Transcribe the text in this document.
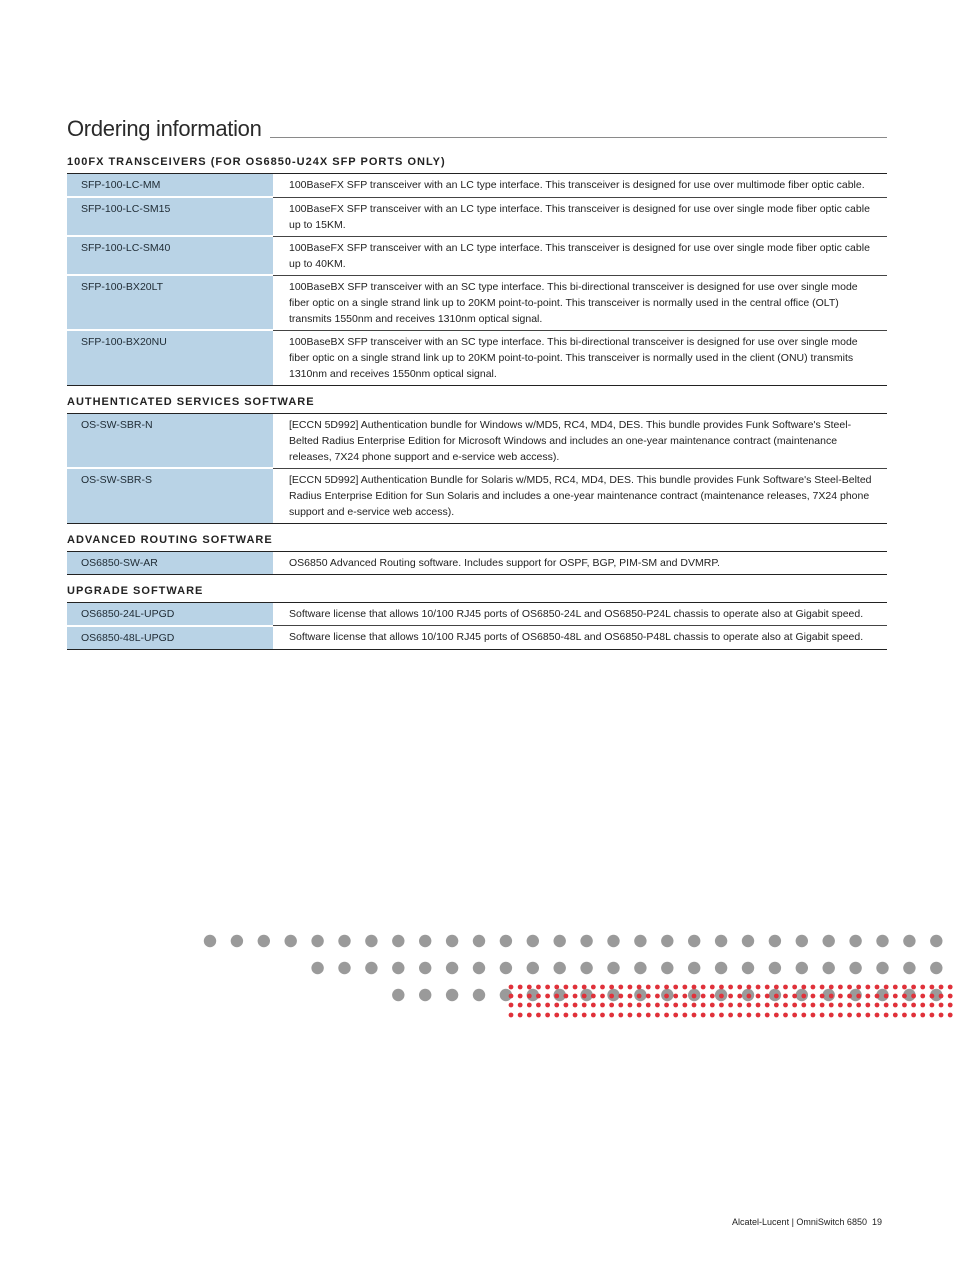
Ordering information
100FX TRANSCEIVERS (FOR OS6850-U24X SFP PORTS ONLY)
SFP-100-LC-MM	100BaseFX SFP transceiver with an LC type interface. This transceiver is designed for use over multimode fiber optic cable.
SFP-100-LC-SM15	100BaseFX SFP transceiver with an LC type interface. This transceiver is designed for use over single mode fiber optic cable up to 15KM.
SFP-100-LC-SM40	100BaseFX SFP transceiver with an LC type interface. This transceiver is designed for use over single mode fiber optic cable up to 40KM.
SFP-100-BX20LT	100BaseBX SFP transceiver with an SC type interface. This bi-directional transceiver is designed for use over single mode fiber optic on a single strand link up to 20KM point-to-point. This transceiver is normally used in the central office (OLT) transmits 1550nm and receives 1310nm optical signal.
SFP-100-BX20NU	100BaseBX SFP transceiver with an SC type interface. This bi-directional transceiver is designed for use over single mode fiber optic on a single strand link up to 20KM point-to-point. This transceiver is normally used in the client (ONU) transmits 1310nm and receives 1550nm optical signal.
AUTHENTICATED SERVICES SOFTWARE
OS-SW-SBR-N	[ECCN 5D992] Authentication bundle for Windows w/MD5, RC4, MD4, DES. This bundle provides Funk Software's Steel-Belted Radius Enterprise Edition for Microsoft Windows and includes an one-year maintenance contract (maintenance releases, 7X24 phone support and e-service web access).
OS-SW-SBR-S	[ECCN 5D992] Authentication Bundle for Solaris w/MD5, RC4, MD4, DES. This bundle provides Funk Software's Steel-Belted Radius Enterprise Edition for Sun Solaris and includes a one-year maintenance contract (maintenance releases, 7X24 phone support and e-service web access).
ADVANCED ROUTING SOFTWARE
OS6850-SW-AR	OS6850 Advanced Routing software. Includes support for OSPF, BGP, PIM-SM and DVMRP.
UPGRADE SOFTWARE
OS6850-24L-UPGD	Software license that allows 10/100 RJ45 ports of OS6850-24L and OS6850-P24L chassis to operate also at Gigabit speed.
OS6850-48L-UPGD	Software license that allows 10/100 RJ45 ports of OS6850-48L and OS6850-P48L chassis to operate also at Gigabit speed.
Alcatel-Lucent | OmniSwitch 6850 19
